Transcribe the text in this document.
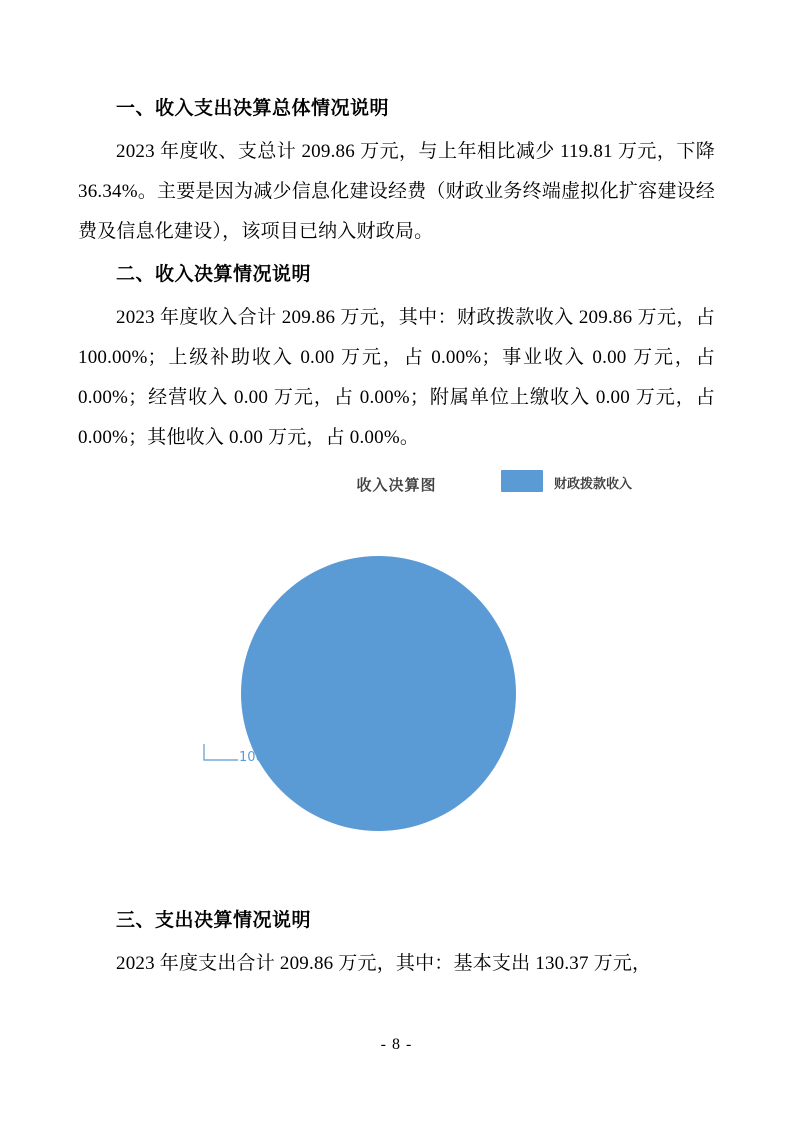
一、收入支出决算总体情况说明

2023 年度收、支总计 209.86 万元，与上年相比减少 119.81 万元，下降 36.34%。主要是因为减少信息化建设经费（财政业务终端虚拟化扩容建设经费及信息化建设），该项目已纳入财政局。

二、收入决算情况说明

2023 年度收入合计 209.86 万元，其中：财政拨款收入 209.86 万元，占 100.00%；上级补助收入 0.00 万元，占 0.00%；事业收入 0.00 万元，占 0.00%；经营收入 0.00 万元，占 0.00%；附属单位上缴收入 0.00 万元，占 0.00%；其他收入 0.00 万元，占 0.00%。

收入决算图	财政拨款收入
100%
三、支出决算情况说明

2023 年度支出合计 209.86 万元，其中：基本支出 130.37 万元，

- 8 -
